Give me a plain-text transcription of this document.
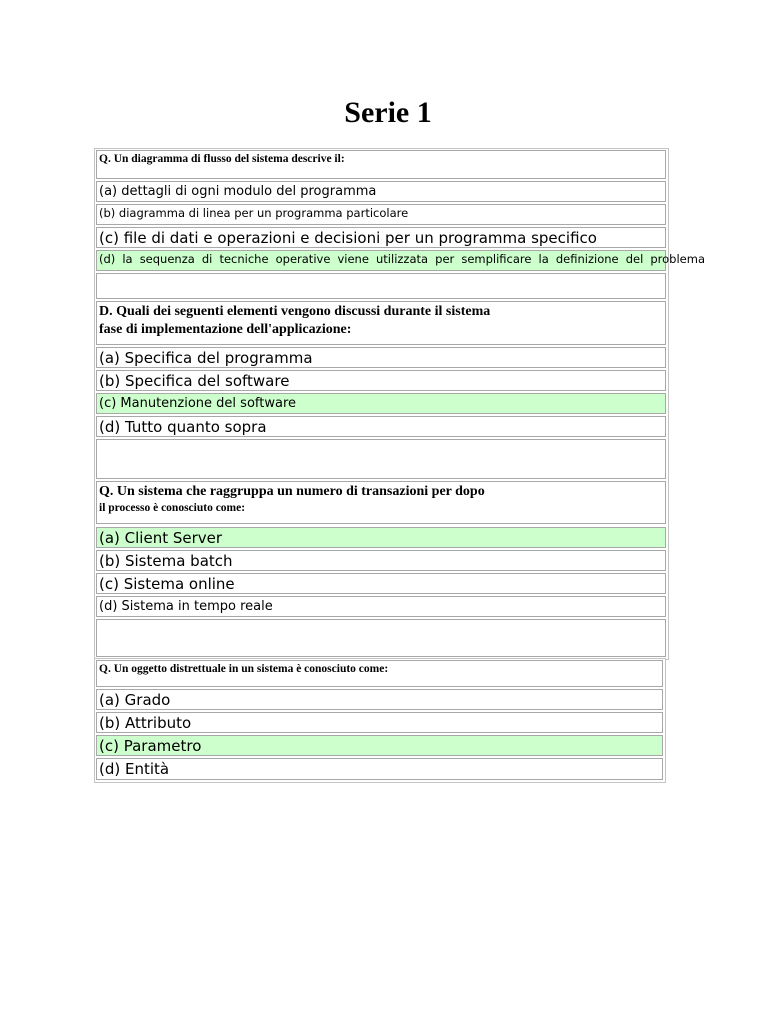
Serie 1
Q. Un diagramma di flusso del sistema descrive il:
(a) dettagli di ogni modulo del programma
(b) diagramma di linea per un programma particolare
(c) file di dati e operazioni e decisioni per un programma specifico
(d) la sequenza di tecniche operative viene utilizzata per semplificare la definizione del problema
D. Quali dei seguenti elementi vengono discussi durante il sistema
fase di implementazione dell'applicazione:
(a) Specifica del programma
(b) Specifica del software
(c) Manutenzione del software
(d) Tutto quanto sopra
Q. Un sistema che raggruppa un numero di transazioni per dopo
il processo è conosciuto come:
(a) Client Server
(b) Sistema batch
(c) Sistema online
(d) Sistema in tempo reale
Q. Un oggetto distrettuale in un sistema è conosciuto come:
(a) Grado
(b) Attributo
(c) Parametro
(d) Entità
